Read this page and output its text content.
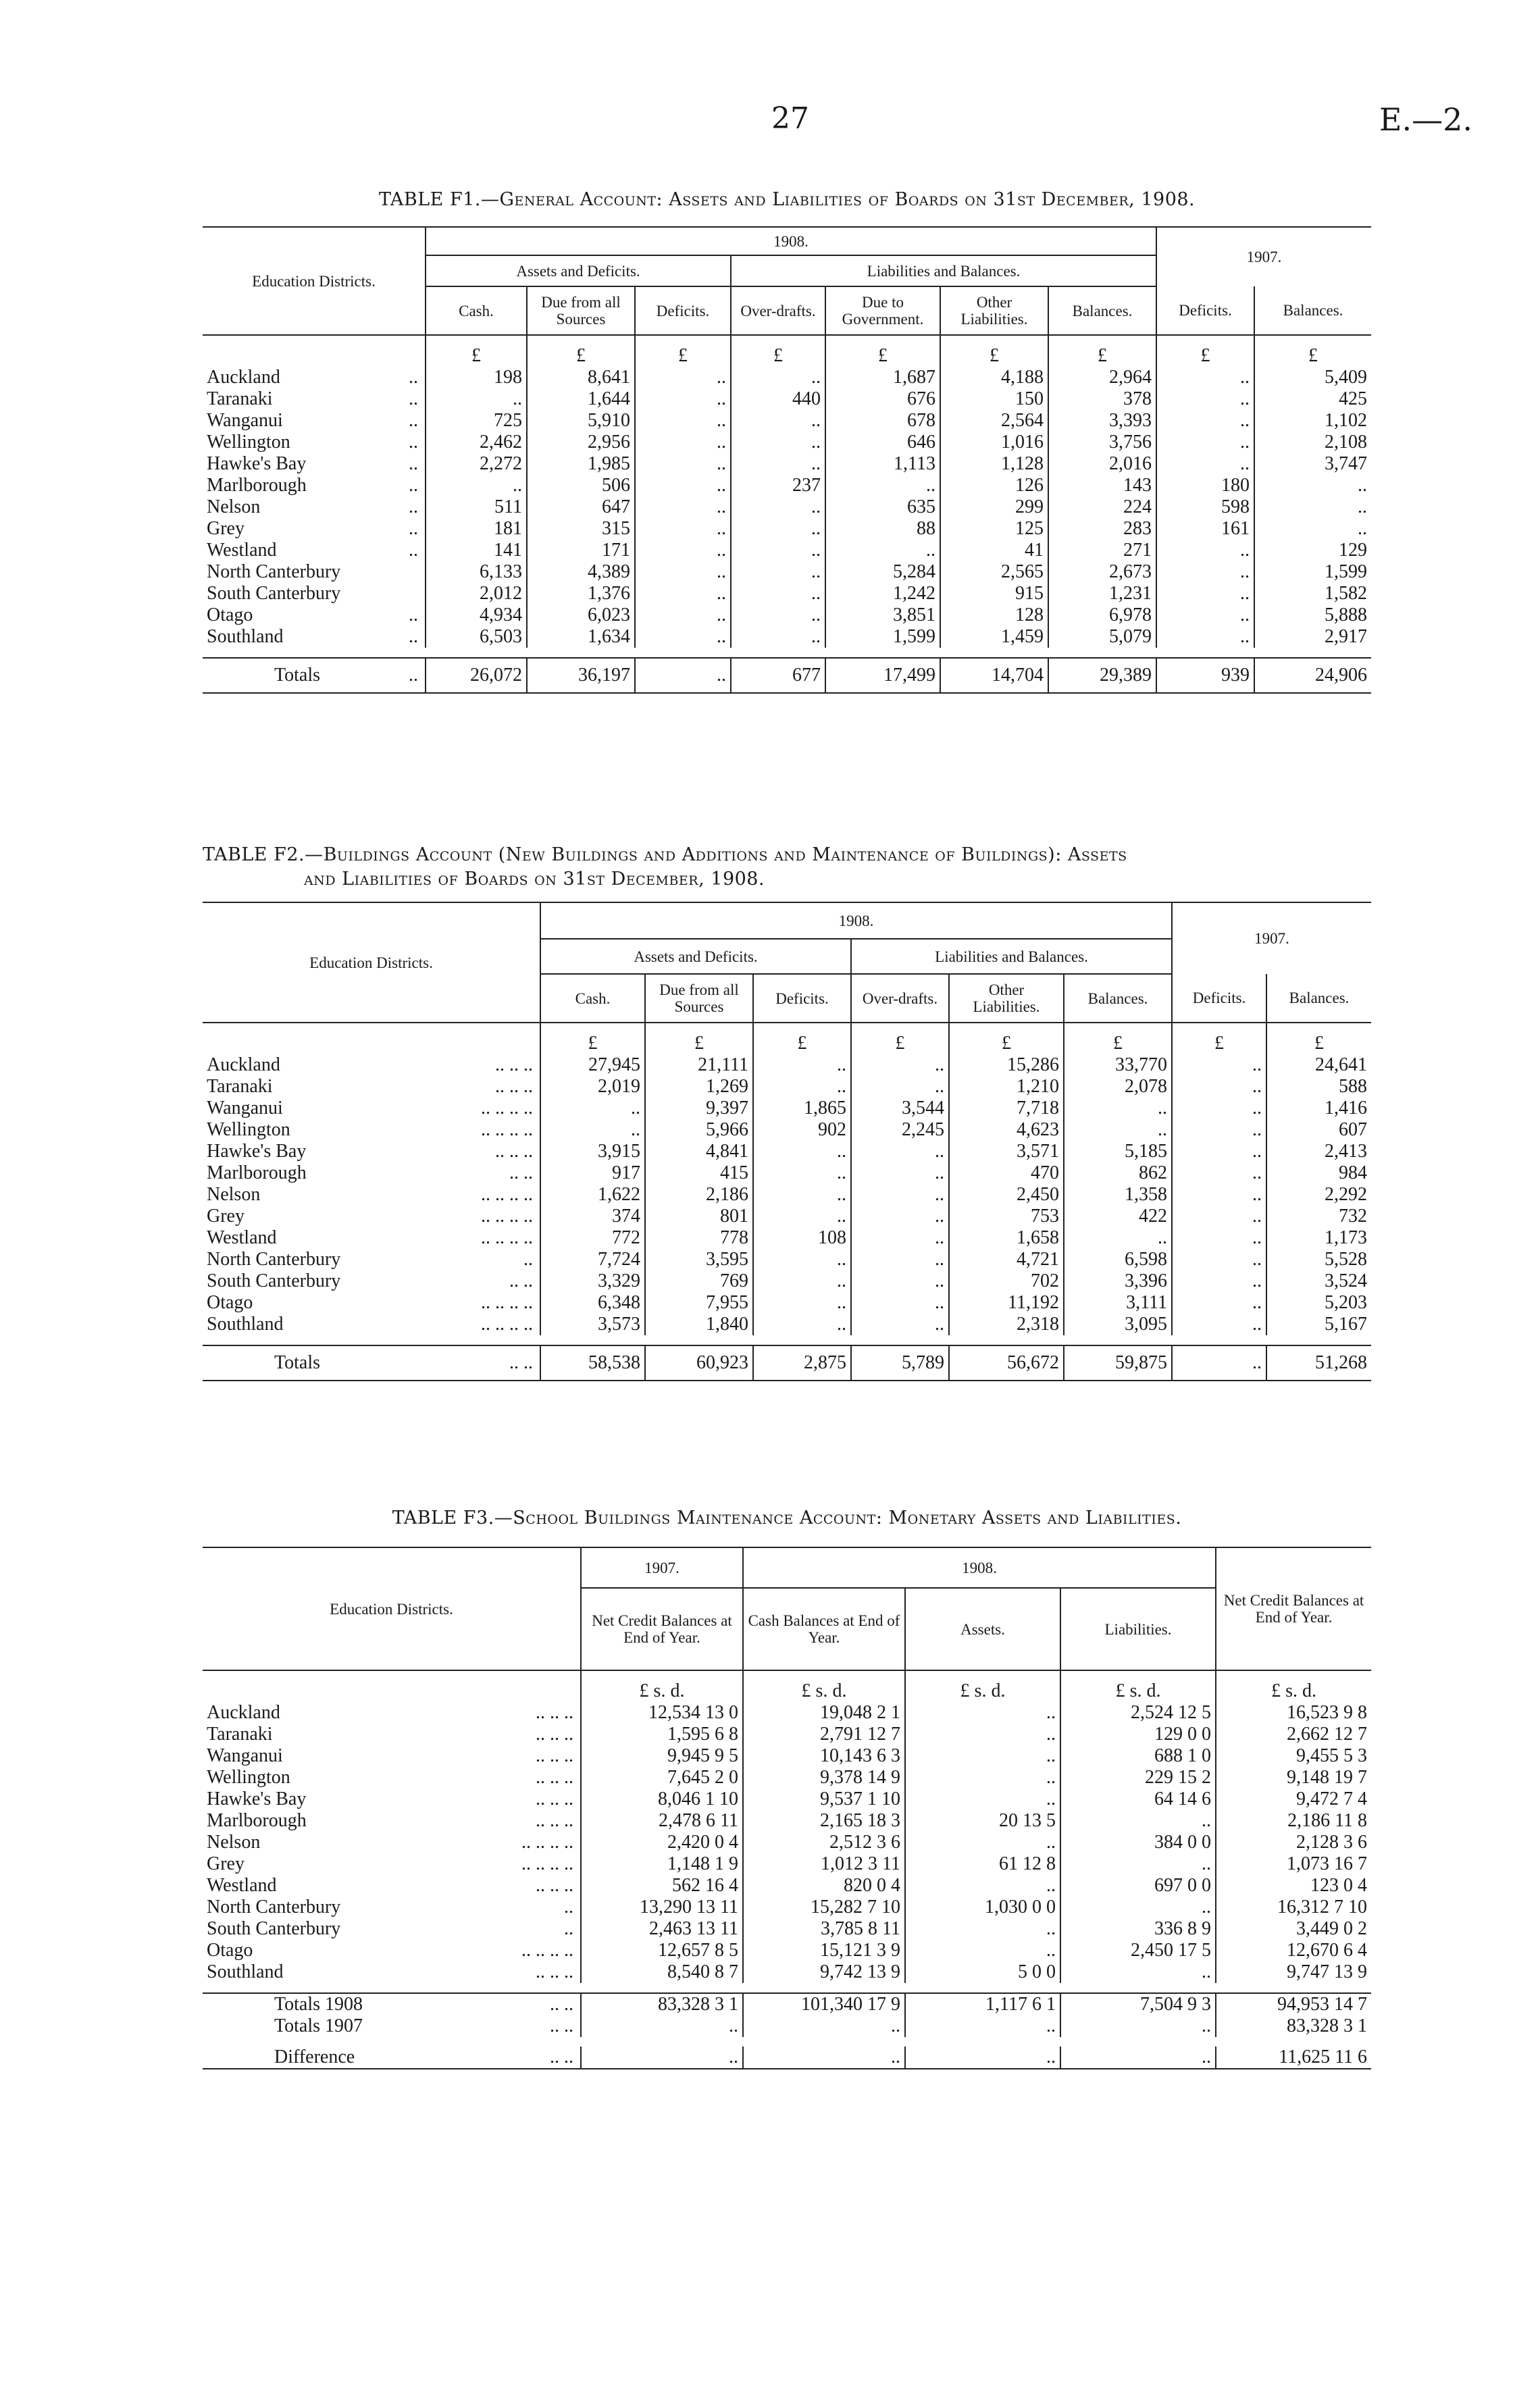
27	E.—2.
TABLE F1.—General Account: Assets and Liabilities of Boards on 31st December, 1908.
Education Districts.	1908.							1907.	
	Assets and Deficits.			Liabilities and Balances.					
	Cash.	Due from all Sources	Deficits.	Over-drafts.	Due to Government.	Other Liabilities.	Balances.	Deficits.	Balances.
	£	£	£	£	£	£	£	£	£
Auckland ..	198	8,641	..	..	1,687	4,188	2,964	..	5,409
Taranaki ..	..	1,644	..	440	676	150	378	..	425
Wanganui ..	725	5,910	..	..	678	2,564	3,393	..	1,102
Wellington ..	2,462	2,956	..	..	646	1,016	3,756	..	2,108
Hawke's Bay ..	2,272	1,985	..	..	1,113	1,128	2,016	..	3,747
Marlborough ..	..	506	..	237	..	126	143	180	..
Nelson ..	511	647	..	..	635	299	224	598	..
Grey ..	181	315	..	..	88	125	283	161	..
Westland ..	141	171	..	..	..	41	271	..	129
North Canterbury	6,133	4,389	..	..	5,284	2,565	2,673	..	1,599
South Canterbury	2,012	1,376	..	..	1,242	915	1,231	..	1,582
Otago ..	4,934	6,023	..	..	3,851	128	6,978	..	5,888
Southland ..	6,503	1,634	..	..	1,599	1,459	5,079	..	2,917

Totals ..	26,072	36,197	..	677	17,499	14,704	29,389	939	24,906
TABLE F2.—Buildings Account (New Buildings and Additions and Maintenance of Buildings): Assets
and Liabilities of Boards on 31st December, 1908.
Education Districts.	1908.						1907.	
	Assets and Deficits.			Liabilities and Balances.				
	Cash.	Due from all Sources	Deficits.	Over-drafts.	Other Liabilities.	Balances.	Deficits.	Balances.
	£	£	£	£	£	£	£	£
Auckland .. .. ..	27,945	21,111	..	..	15,286	33,770	..	24,641
Taranaki .. .. ..	2,019	1,269	..	..	1,210	2,078	..	588
Wanganui .. .. .. ..	..	9,397	1,865	3,544	7,718	..	..	1,416
Wellington .. .. .. ..	..	5,966	902	2,245	4,623	..	..	607
Hawke's Bay .. .. ..	3,915	4,841	..	..	3,571	5,185	..	2,413
Marlborough .. ..	917	415	..	..	470	862	..	984
Nelson .. .. .. ..	1,622	2,186	..	..	2,450	1,358	..	2,292
Grey .. .. .. ..	374	801	..	..	753	422	..	732
Westland .. .. .. ..	772	778	108	..	1,658	..	..	1,173
North Canterbury ..	7,724	3,595	..	..	4,721	6,598	..	5,528
South Canterbury .. ..	3,329	769	..	..	702	3,396	..	3,524
Otago .. .. .. ..	6,348	7,955	..	..	11,192	3,111	..	5,203
Southland .. .. .. ..	3,573	1,840	..	..	2,318	3,095	..	5,167

Totals .. ..	58,538	60,923	2,875	5,789	56,672	59,875	..	51,268
TABLE F3.—School Buildings Maintenance Account: Monetary Assets and Liabilities.
Education Districts.	1907.	1908.			Net Credit Balances at End of Year.
	Net Credit Balances at End of Year.	Cash Balances at End of Year.	Assets.	Liabilities.	
	£ s. d.	£ s. d.	£ s. d.	£ s. d.	£ s. d.
Auckland .. .. ..	12,534 13 0	19,048 2 1	..	2,524 12 5	16,523 9 8
Taranaki .. .. ..	1,595 6 8	2,791 12 7	..	129 0 0	2,662 12 7
Wanganui .. .. ..	9,945 9 5	10,143 6 3	..	688 1 0	9,455 5 3
Wellington .. .. ..	7,645 2 0	9,378 14 9	..	229 15 2	9,148 19 7
Hawke's Bay .. .. ..	8,046 1 10	9,537 1 10	..	64 14 6	9,472 7 4
Marlborough .. .. ..	2,478 6 11	2,165 18 3	20 13 5	..	2,186 11 8
Nelson .. .. .. ..	2,420 0 4	2,512 3 6	..	384 0 0	2,128 3 6
Grey .. .. .. ..	1,148 1 9	1,012 3 11	61 12 8	..	1,073 16 7
Westland .. .. ..	562 16 4	820 0 4	..	697 0 0	123 0 4
North Canterbury ..	13,290 13 11	15,282 7 10	1,030 0 0	..	16,312 7 10
South Canterbury ..	2,463 13 11	3,785 8 11	..	336 8 9	3,449 0 2
Otago .. .. .. ..	12,657 8 5	15,121 3 9	..	2,450 17 5	12,670 6 4
Southland .. .. ..	8,540 8 7	9,742 13 9	5 0 0	..	9,747 13 9

Totals 1908 .. ..	83,328 3 1	101,340 17 9	1,117 6 1	7,504 9 3	94,953 14 7
Totals 1907 .. ..	..	..	..	..	83,328 3 1

Difference .. ..	..	..	..	..	11,625 11 6
